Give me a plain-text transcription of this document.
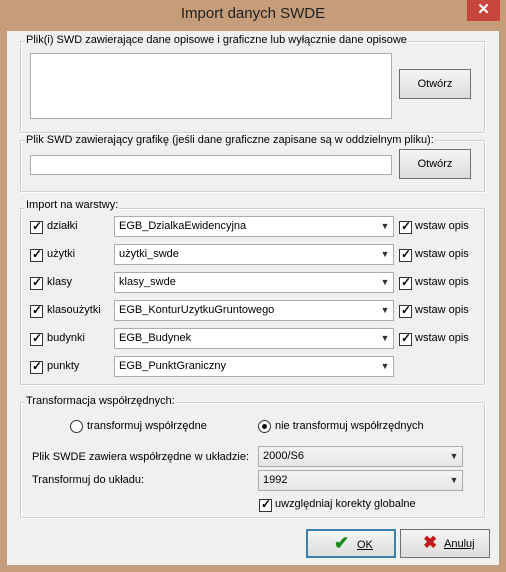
Import danych SWDE	✕
Plik(i) SWD zawierające dane opisowe i graficzne lub wyłącznie dane opisowe
Otwórz
Plik SWD zawierający grafikę (jeśli dane graficzne zapisane są w oddzielnym pliku):
Otwórz
Import na warstwy:
✓ działki	EGB_DzialkaEwidencyjna	▼ ✓ wstaw opis
✓ użytki	użytki_swde	▼ ✓ wstaw opis
✓ klasy	klasy_swde	▼ ✓ wstaw opis
✓ klasoużytki EGB_KonturUzytkuGruntowego	▼ ✓ wstaw opis
✓ budynki	EGB_Budynek	▼ ✓ wstaw opis
✓ punkty	EGB_PunktGraniczny	▼
Transformacja współrzędnych:
transformuj współrzędne	nie transformuj współrzędnych
Plik SWDE zawiera współrzędne w układzie: 2000/S6	▼
Transformuj do układu:	1992	▼
✓ uwzględniaj korekty globalne
✔ OK	✖ Anuluj
